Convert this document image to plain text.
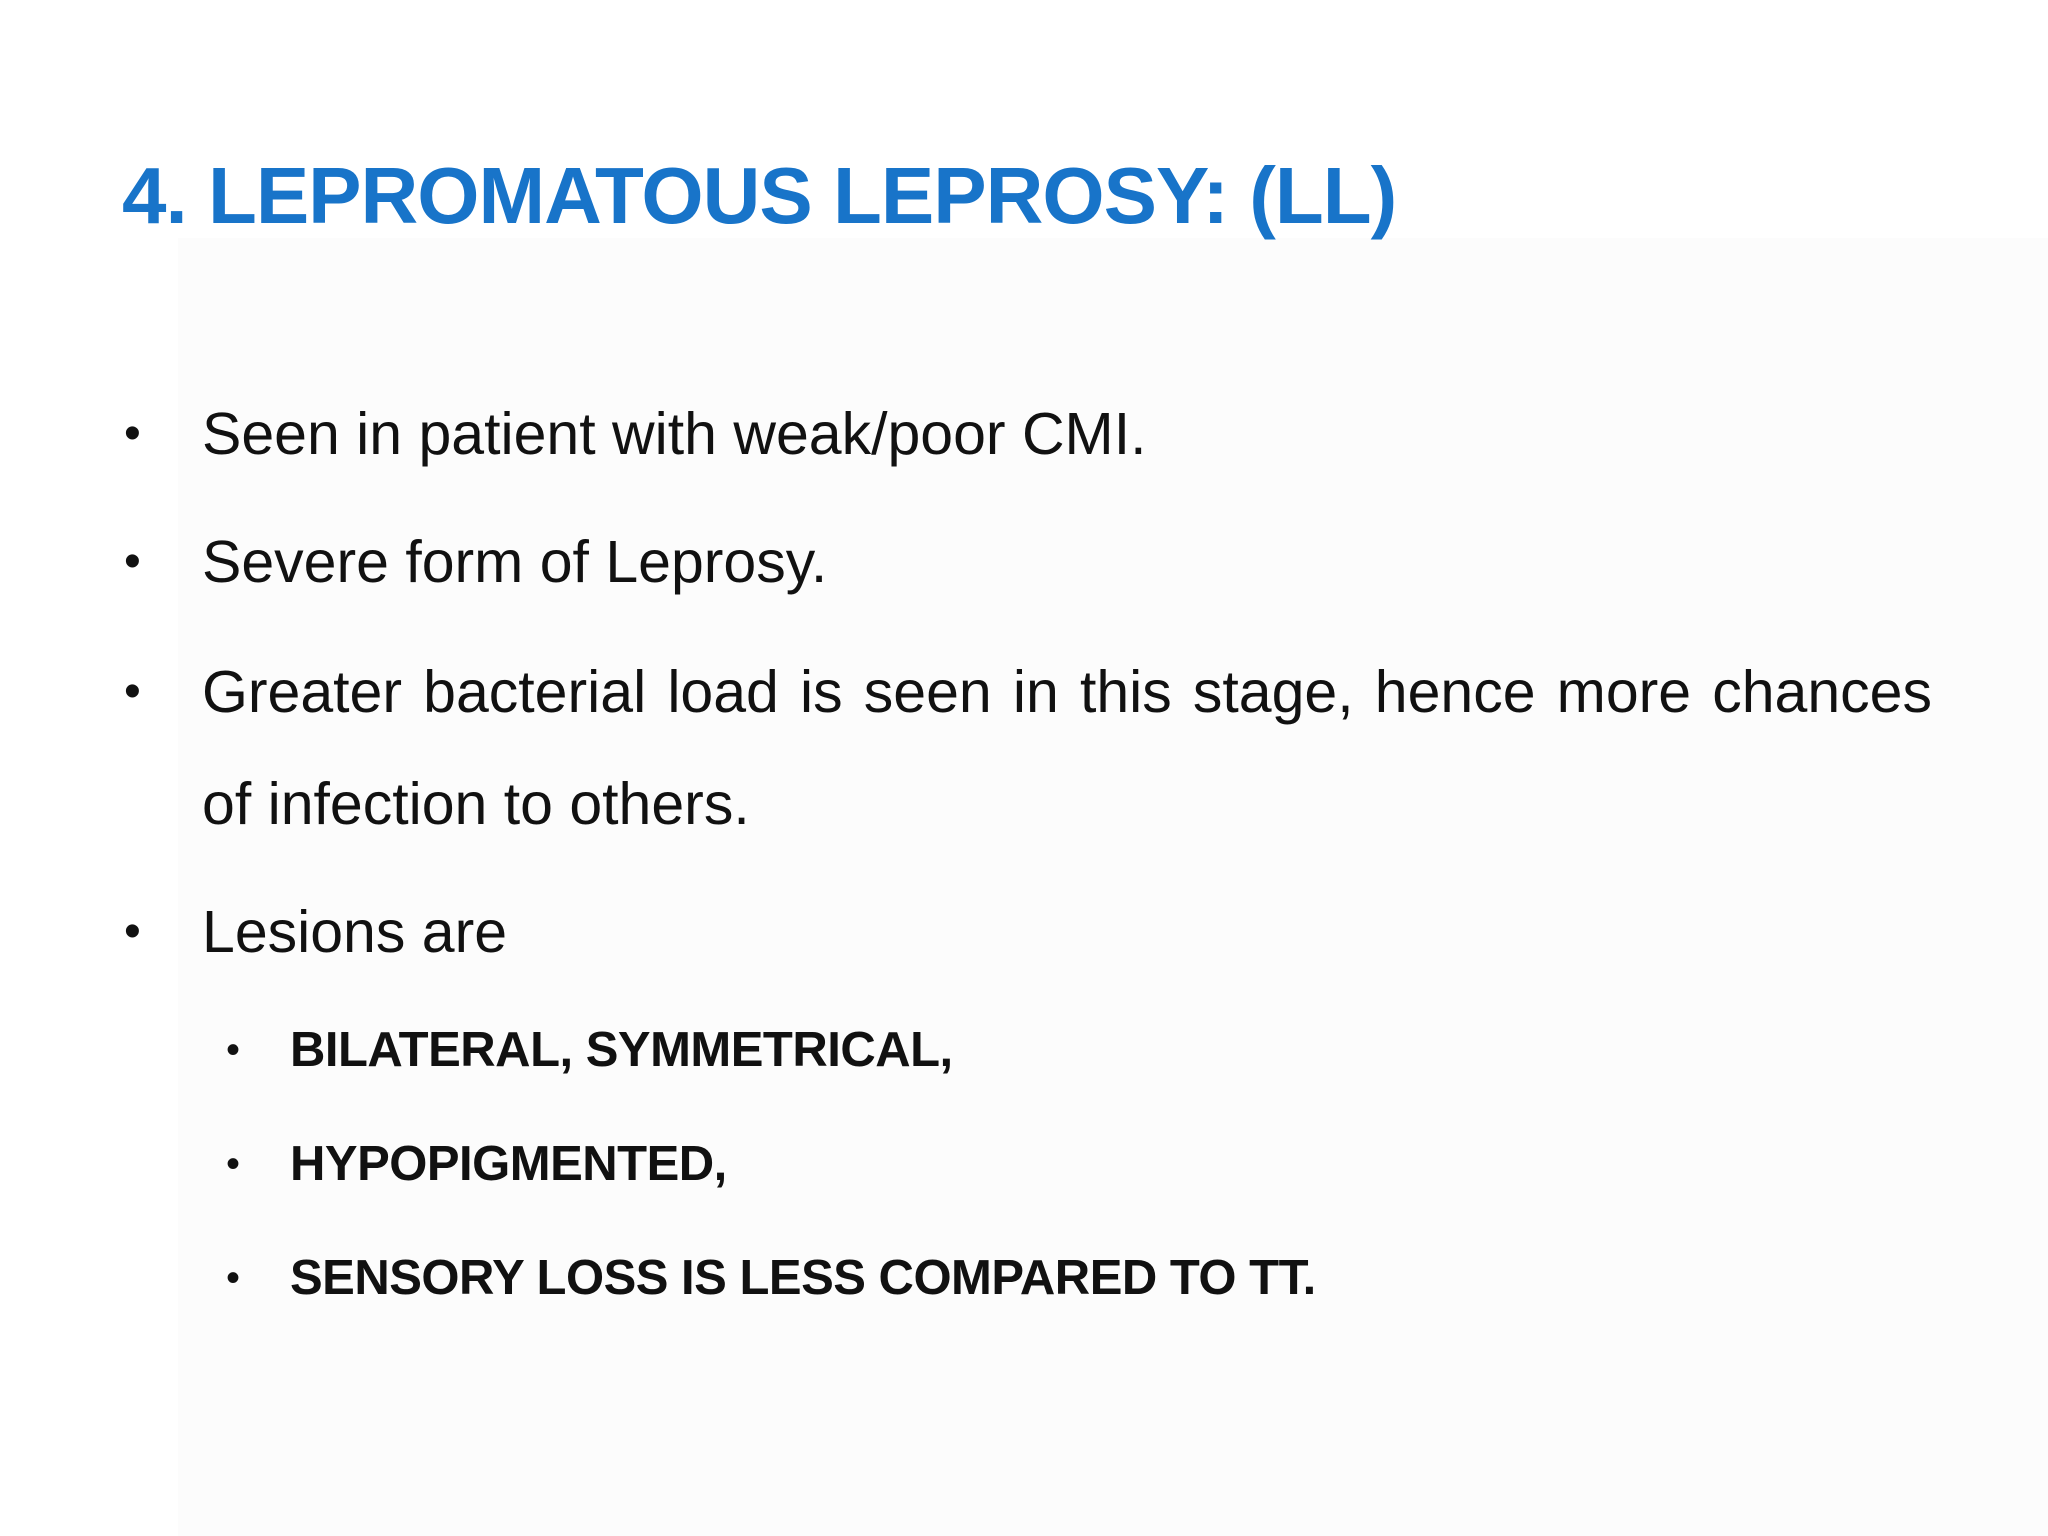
4. LEPROMATOUS LEPROSY: (LL)
• Seen in patient with weak/poor CMI.
• Severe form of Leprosy.
• Greater bacterial load is seen in this stage, hence more chances of infection to others.
• Lesions are
• BILATERAL, SYMMETRICAL,
• HYPOPIGMENTED,
• SENSORY LOSS IS LESS COMPARED TO TT.
